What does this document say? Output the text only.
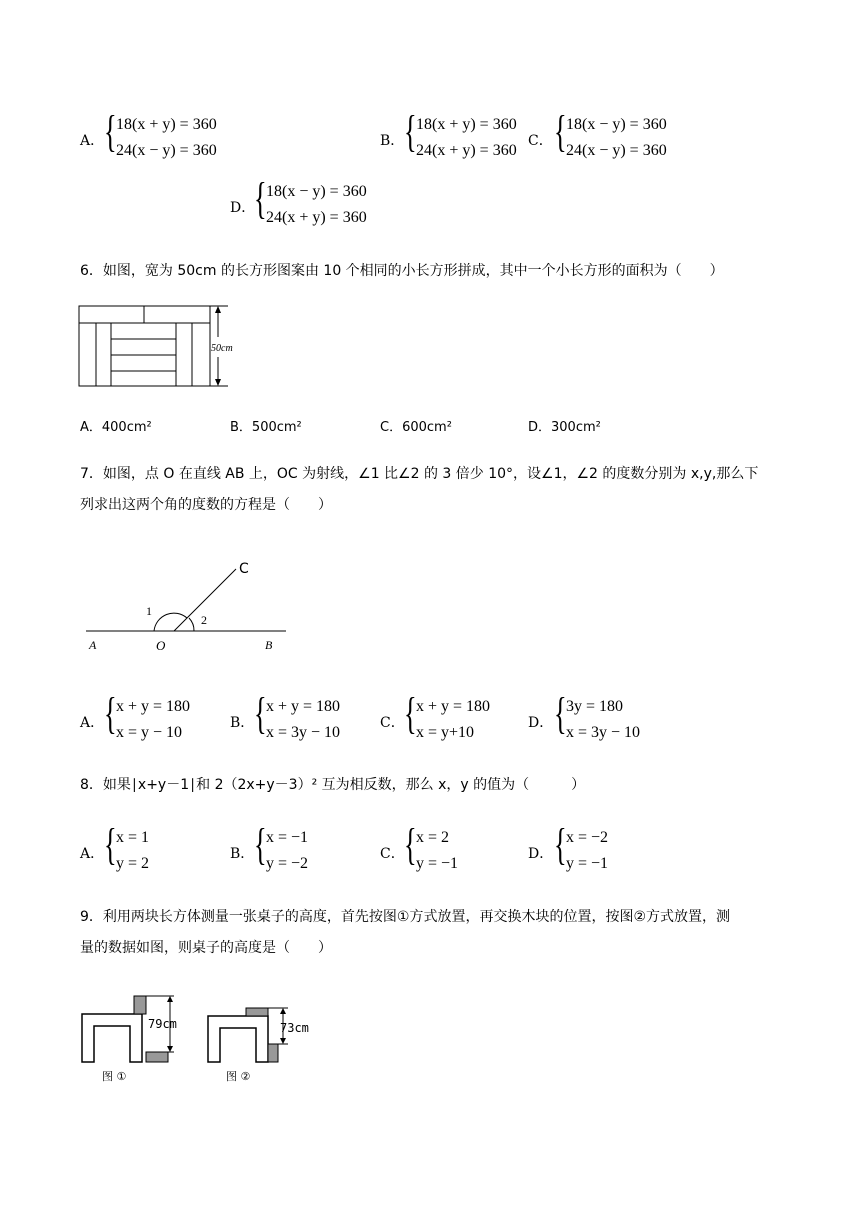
A． { 18(x + y) = 360
24(x − y) = 360
B． { 18(x + y) = 360
24(x + y) = 360
C． { 18(x − y) = 360
24(x − y) = 360
D．
{ 18(x − y) = 360
24(x + y) = 360
6．如图，宽为 50cm 的长方形图案由 10 个相同的小长方形拼成，其中一个小长方形的面积为（　　）
50cm
A．400cm²	B．500cm²	C．600cm²	D．300cm²
7．如图，点 O 在直线 AB 上，OC 为射线，∠1 比∠2 的 3 倍少 10°，设∠1，∠2 的度数分别为 x,y,那么下
列求出这两个角的度数的方程是（　　）
C
1
2
A	O	B
A． { x + y = 180
x = y − 10
B． { x + y = 180
x = 3y − 10
C． { x + y = 180
x = y+10
D． { 3y = 180
x = 3y − 10
8．如果∣x+y－1∣和 2（2x+y－3）² 互为相反数，那么 x，y 的值为（　　　）
A． { x = 1
y = 2
B． { x = −1
y = −2
C． { x = 2
y = −1
D． { x = −2
y = −1
9．利用两块长方体测量一张桌子的高度，首先按图①方式放置，再交换木块的位置，按图②方式放置，测
量的数据如图，则桌子的高度是（　　）
79cm
图 ①
73cm
图 ②
